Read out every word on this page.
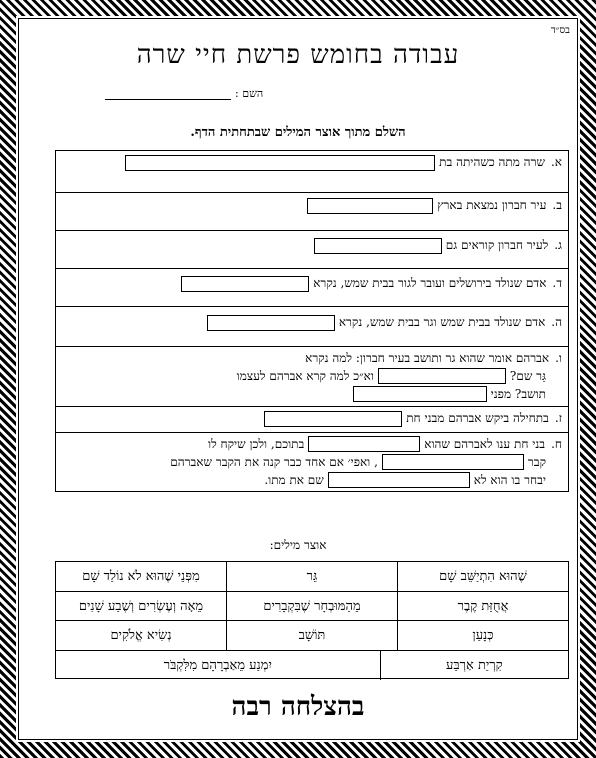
בס״ד
עבודה בחומש פרשת חיי שרה
השם :
השלם מתוך אוצר המילים שבתחתית הדף.
א.
שרה מתה כשהיתה בת
ב.
עיר חברון נמצאת בארץ
ג.
לעיר חברון קוראים גם
ד.
אדם שנולד בירושלים ועובר לגור בבית שמש, נקרא
ה.
אדם שנולד בבית שמש וגר בבית שמש, נקרא
ו.
אברהם אומר שהוא גר ותושב בעיר חברון: למה נקרא
גֵּר שם?
וא״כ למה קרא אברהם לעצמו
תושב? מפני
ז.
בתחילה ביקש אברהם מבני חת
ח.
בני חת ענו לאברהם שהוא
בתוכם, ולכן שיקח לו
קבר
, ואפי׳ אם אחד כבר קנה את הקבר שאברהם
יבחר בו הוא לא
שם את מתו.
אוצר מילים:
שֶׁהוּא הִתְיַשֵּׁב שָׁם
גֵּר
מִפְּנֵי שֶׁהוּא לֹא נוֹלַד שָׁם
אֲחֻזַּת קֶבֶר
מֵהַמּוּבְחָר שֶׁבִּקְבָרִים
מֵאָה וְעֶשְׂרִים וְשֶׁבַע שָׁנִים
כְּנָעַן
תּוֹשָׁב
נְשִׂיא אֱלֹקִים
קִרְיַת אַרְבַּע
יִמְנַע מֵאַבְרָהָם מִלִּקְבֹּר
בהצלחה רבה
